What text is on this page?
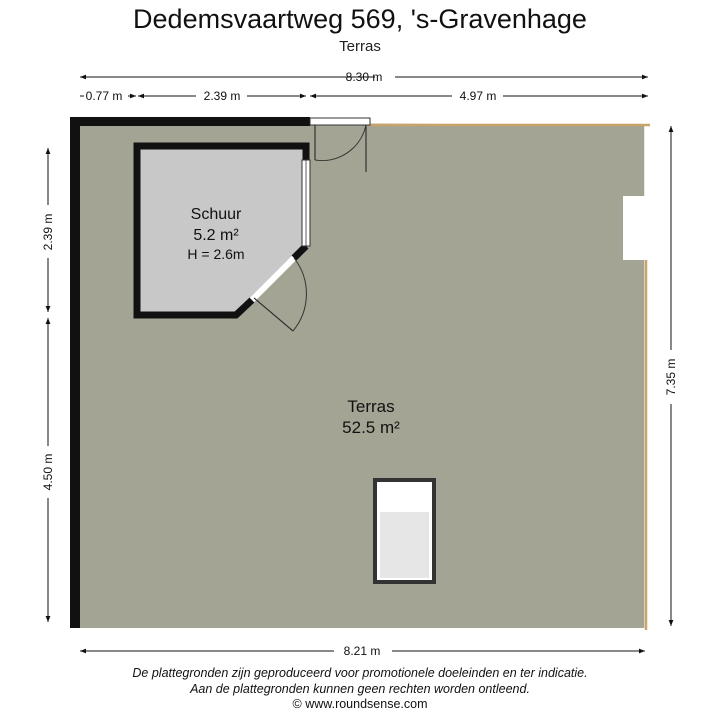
Dedemsvaartweg 569, 's-Gravenhage
Terras
8.30 m
0.77 m	2.39 m	4.97 m
2.39 m
4.50 m
7.35 m
8.21 m
Schuur
5.2 m²
H = 2.6m
Terras
52.5 m²
De plattegronden zijn geproduceerd voor promotionele doeleinden en ter indicatie.
Aan de plattegronden kunnen geen rechten worden ontleend.
© www.roundsense.com
